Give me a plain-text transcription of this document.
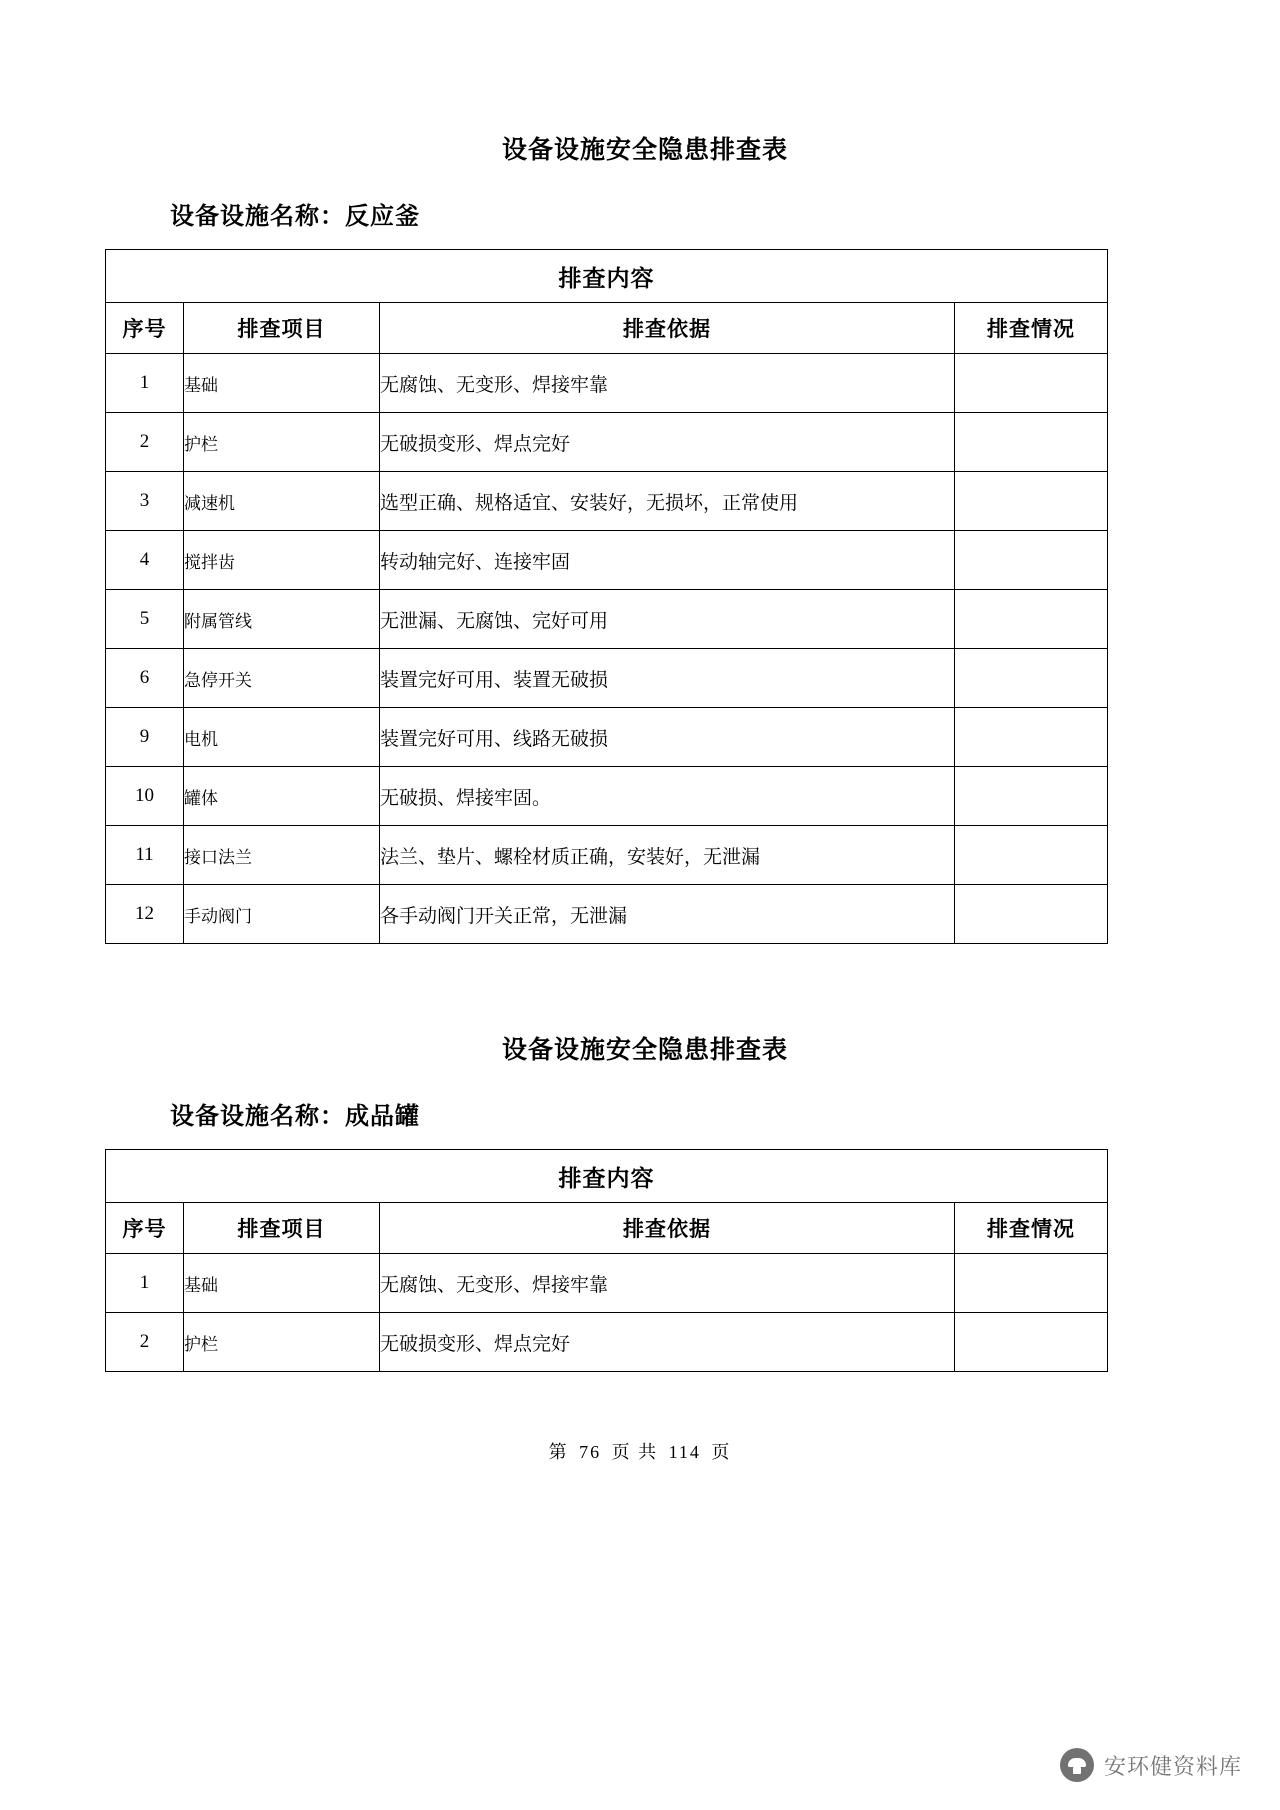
设备设施安全隐患排查表
设备设施名称：反应釜
排查内容			
序号	排查项目	排查依据	排查情况
1	基础	无腐蚀、无变形、焊接牢靠	
2	护栏	无破损变形、焊点完好	
3	减速机	选型正确、规格适宜、安装好，无损坏，正常使用	
4	搅拌齿	转动轴完好、连接牢固	
5	附属管线	无泄漏、无腐蚀、完好可用	
6	急停开关	装置完好可用、装置无破损	
9	电机	装置完好可用、线路无破损	
10	罐体	无破损、焊接牢固。	
11	接口法兰	法兰、垫片、螺栓材质正确，安装好，无泄漏	
12	手动阀门	各手动阀门开关正常，无泄漏	
设备设施安全隐患排查表
设备设施名称：成品罐
排查内容			
序号	排查项目	排查依据	排查情况
1	基础	无腐蚀、无变形、焊接牢靠	
2	护栏	无破损变形、焊点完好	
第 76 页 共 114 页
安环健资料库
